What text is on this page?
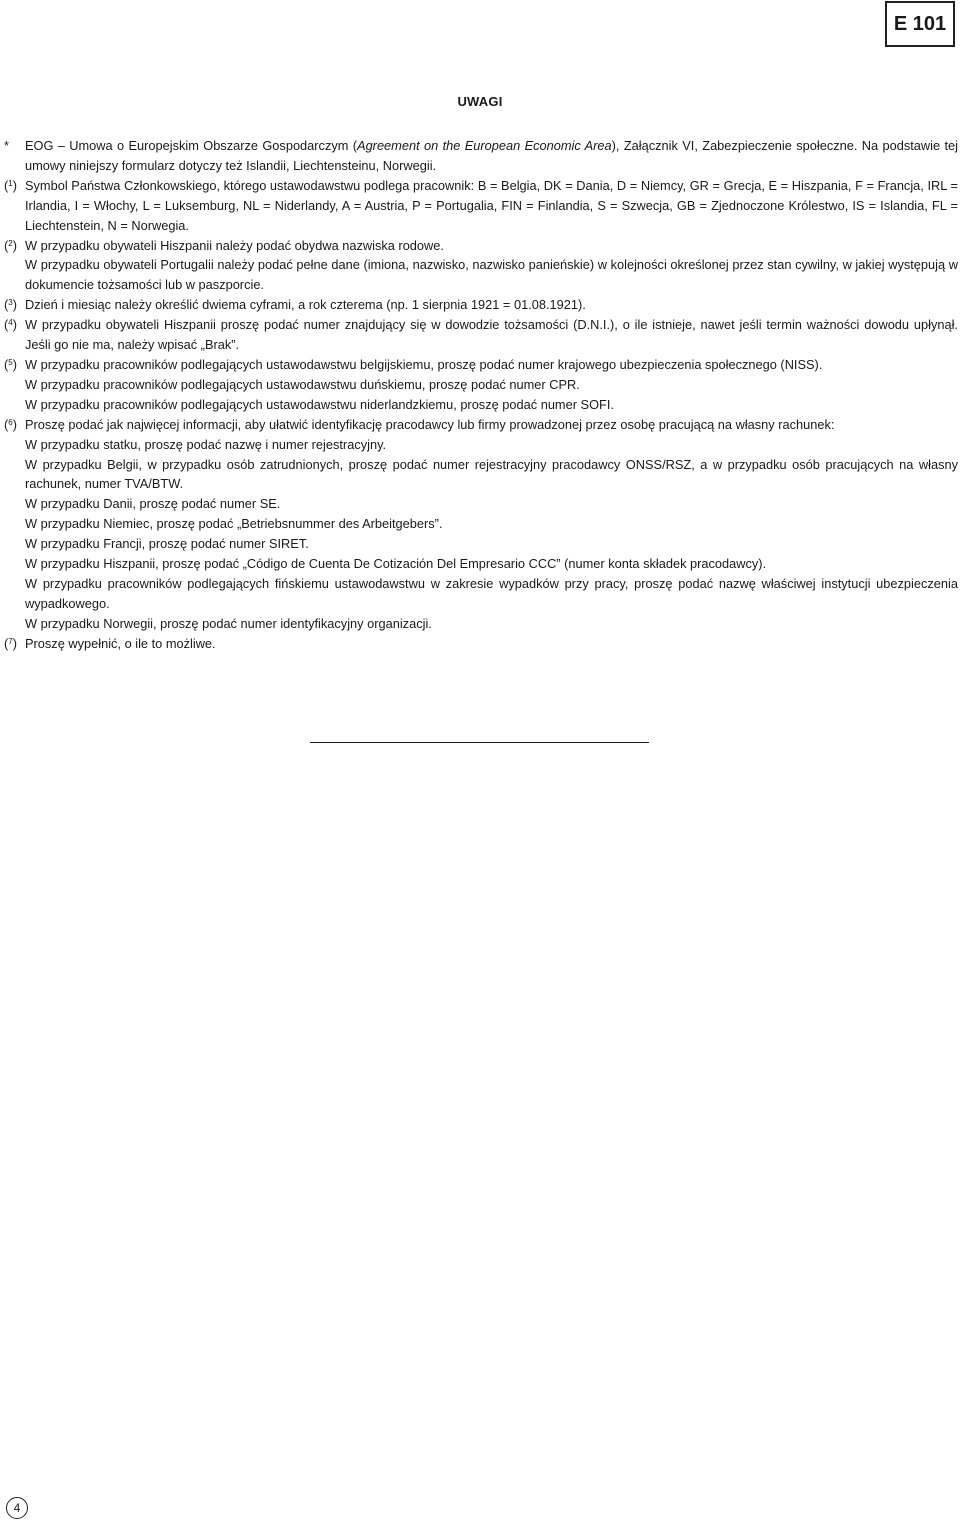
E 101
UWAGI
* EOG – Umowa o Europejskim Obszarze Gospodarczym (Agreement on the European Economic Area), Załącznik VI, Zabezpieczenie społeczne. Na podstawie tej umowy niniejszy formularz dotyczy też Islandii, Liechtensteinu, Norwegii.

($^1$) Symbol Państwa Członkowskiego, którego ustawodawstwu podlega pracownik: B = Belgia, DK = Dania, D = Niemcy, GR = Grecja, E = Hiszpania, F = Francja, IRL = Irlandia, I = Włochy, L = Luksemburg, NL = Niderlandy, A = Austria, P = Portugalia, FIN = Finlandia, S = Szwecja, GB = Zjednoczone Królestwo, IS = Islandia, FL = Liechtenstein, N = Norwegia.

($^2$) W przypadku obywateli Hiszpanii należy podać obydwa nazwiska rodowe.

W przypadku obywateli Portugalii należy podać pełne dane (imiona, nazwisko, nazwisko panieńskie) w kolejności określonej przez stan cywilny, w jakiej występują w dokumencie tożsamości lub w paszporcie.

($^3$) Dzień i miesiąc należy określić dwiema cyframi, a rok czterema (np. 1 sierpnia 1921 = 01.08.1921).

($^4$) W przypadku obywateli Hiszpanii proszę podać numer znajdujący się w dowodzie tożsamości (D.N.I.), o ile istnieje, nawet jeśli termin ważności dowodu upłynął. Jeśli go nie ma, należy wpisać „Brak”.

($^5$) W przypadku pracowników podlegających ustawodawstwu belgijskiemu, proszę podać numer krajowego ubezpieczenia społecznego (NISS).

W przypadku pracowników podlegających ustawodawstwu duńskiemu, proszę podać numer CPR.

W przypadku pracowników podlegających ustawodawstwu niderlandzkiemu, proszę podać numer SOFI.

($^6$) Proszę podać jak najwięcej informacji, aby ułatwić identyfikację pracodawcy lub firmy prowadzonej przez osobę pracującą na własny rachunek:

W przypadku statku, proszę podać nazwę i numer rejestracyjny.

W przypadku Belgii, w przypadku osób zatrudnionych, proszę podać numer rejestracyjny pracodawcy ONSS/RSZ, a w przypadku osób pracujących na własny rachunek, numer TVA/BTW.

W przypadku Danii, proszę podać numer SE.

W przypadku Niemiec, proszę podać „Betriebsnummer des Arbeitgebers”.

W przypadku Francji, proszę podać numer SIRET.

W przypadku Hiszpanii, proszę podać „Código de Cuenta De Cotización Del Empresario CCC” (numer konta składek pracodawcy).

W przypadku pracowników podlegających fińskiemu ustawodawstwu w zakresie wypadków przy pracy, proszę podać nazwę właściwej instytucji ubezpieczenia wypadkowego.

W przypadku Norwegii, proszę podać numer identyfikacyjny organizacji.

($^7$) Proszę wypełnić, o ile to możliwe.

4
